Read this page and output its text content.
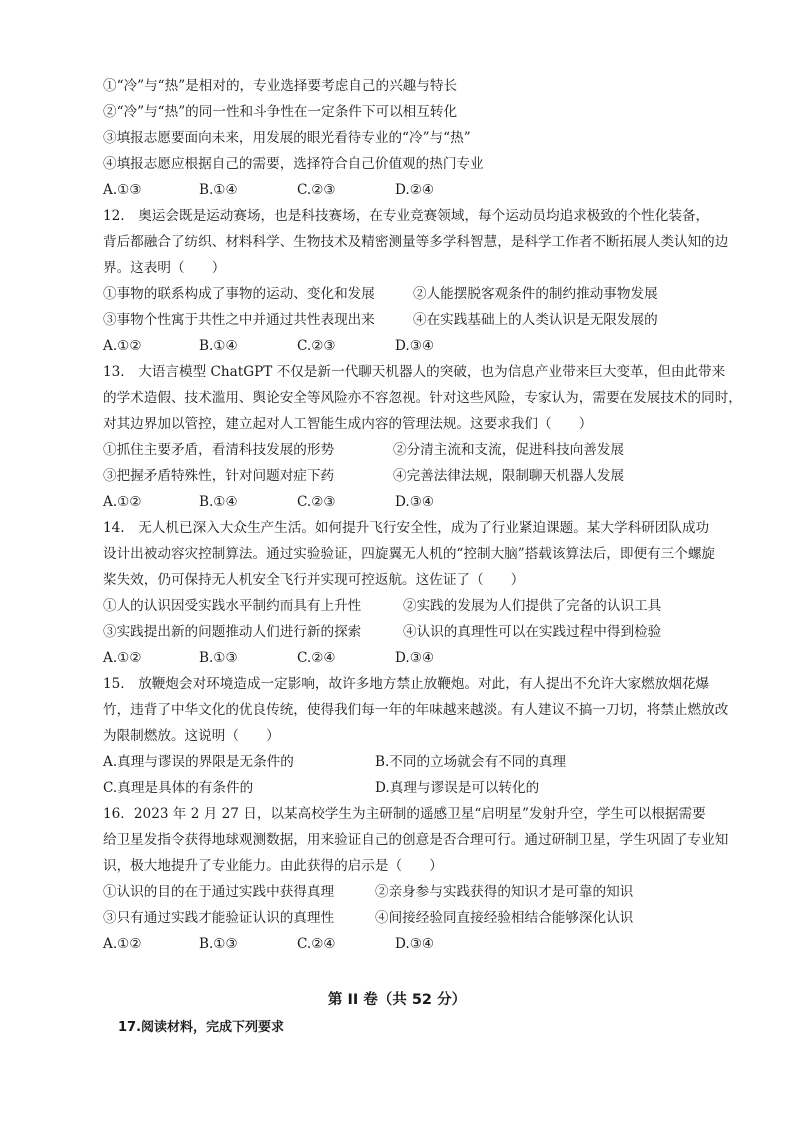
①“冷”与“热”是相对的，专业选择要考虑自己的兴趣与特长
②“冷”与“热”的同一性和斗争性在一定条件下可以相互转化
③填报志愿要面向未来，用发展的眼光看待专业的“冷”与“热”
④填报志愿应根据自己的需要，选择符合自己价值观的热门专业
A.①③	B.①④	C.②③	D.②④
12.　奥运会既是运动赛场，也是科技赛场，在专业竞赛领域，每个运动员均追求极致的个性化装备，
背后都融合了纺织、材料科学、生物技术及精密测量等多学科智慧，是科学工作者不断拓展人类认知的边
界。这表明（　　）
①事物的联系构成了事物的运动、变化和发展	②人能摆脱客观条件的制约推动事物发展
③事物个性寓于共性之中并通过共性表现出来	④在实践基础上的人类认识是无限发展的
A.①②	B.①④	C.②③	D.③④
13.　大语言模型 ChatGPT 不仅是新一代聊天机器人的突破，也为信息产业带来巨大变革，但由此带来
的学术造假、技术滥用、舆论安全等风险亦不容忽视。针对这些风险，专家认为，需要在发展技术的同时，
对其边界加以管控，建立起对人工智能生成内容的管理法规。这要求我们（　　）
①抓住主要矛盾，看清科技发展的形势	②分清主流和支流，促进科技向善发展
③把握矛盾特殊性，针对问题对症下药	④完善法律法规，限制聊天机器人发展
A.①②	B.①④	C.②③	D.③④
14.　无人机已深入大众生产生活。如何提升飞行安全性，成为了行业紧迫课题。某大学科研团队成功
设计出被动容灾控制算法。通过实验验证，四旋翼无人机的“控制大脑”搭载该算法后，即便有三个螺旋
桨失效，仍可保持无人机安全飞行并实现可控返航。这佐证了（　　）
①人的认识因受实践水平制约而具有上升性	②实践的发展为人们提供了完备的认识工具
③实践提出新的问题推动人们进行新的探索	④认识的真理性可以在实践过程中得到检验
A.①②	B.①③	C.②④	D.③④
15.　放鞭炮会对环境造成一定影响，故许多地方禁止放鞭炮。对此，有人提出不允许大家燃放烟花爆
竹，违背了中华文化的优良传统，使得我们每一年的年味越来越淡。有人建议不搞一刀切，将禁止燃放改
为限制燃放。这说明（　　）
A.真理与谬误的界限是无条件的	B.不同的立场就会有不同的真理
C.真理是具体的有条件的	D.真理与谬误是可以转化的
16．2023 年 2 月 27 日，以某高校学生为主研制的遥感卫星“启明星”发射升空，学生可以根据需要
给卫星发指令获得地球观测数据，用来验证自己的创意是否合理可行。通过研制卫星，学生巩固了专业知
识，极大地提升了专业能力。由此获得的启示是（　　）
①认识的目的在于通过实践中获得真理	②亲身参与实践获得的知识才是可靠的知识
③只有通过实践才能验证认识的真理性	④间接经验同直接经验相结合能够深化认识
A.①②	B.①③	C.②④	D.③④
第 II 卷（共 52 分）
17.阅读材料，完成下列要求
